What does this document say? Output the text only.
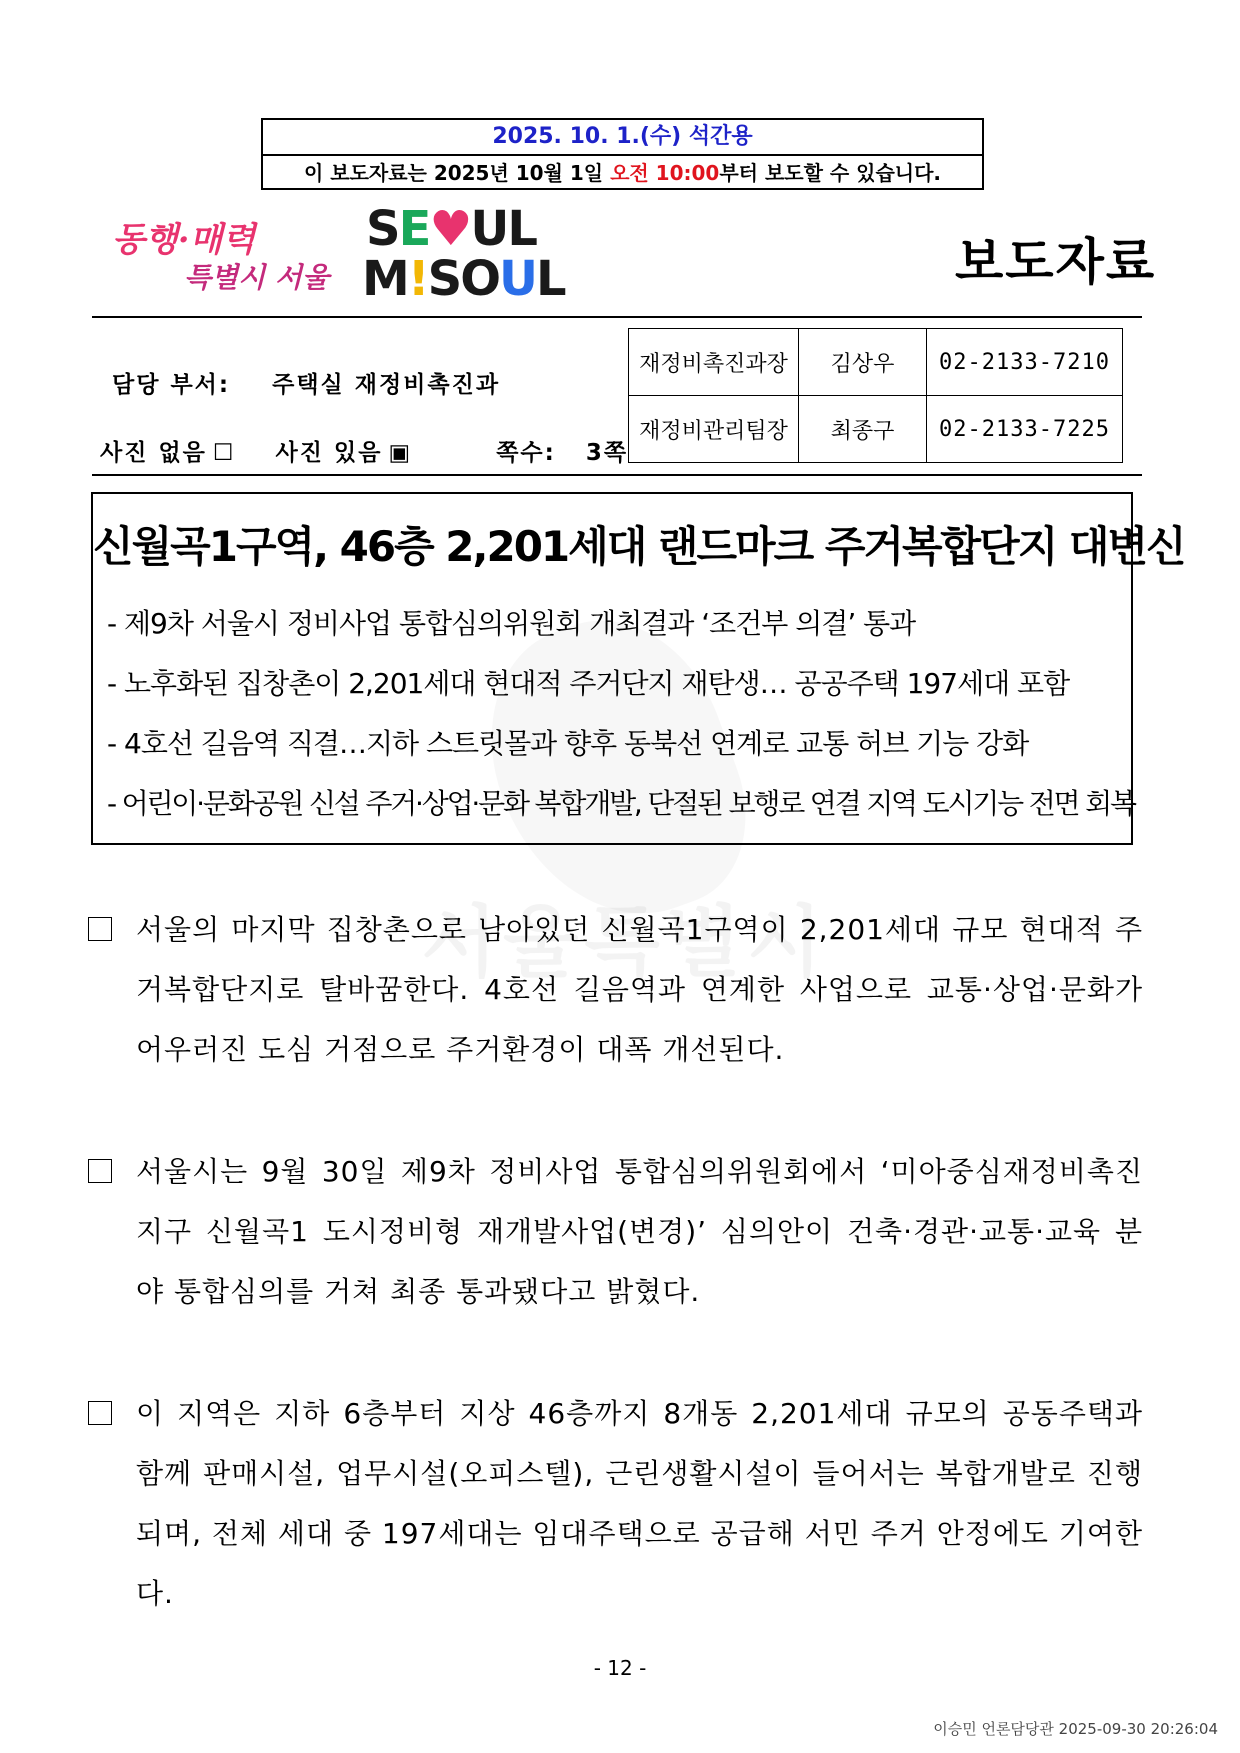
2025. 10. 1.(수) 석간용
이 보도자료는 2025년 10월 1일 오전 10:00부터 보도할 수 있습니다.
동행·매력
특별시 서울
SE♥UL
M!SOUL	보도자료
담당 부서: 주택실 재정비촉진과
사진 없음 ☐ 사진 있음 ▣	쪽수: 3쪽
재정비촉진과장	김상우	02-2133-7210
재정비관리팀장	최종구	02-2133-7225
신월곡1구역, 46층 2,201세대 랜드마크 주거복합단지 대변신
- 제9차 서울시 정비사업 통합심의위원회 개최결과 ‘조건부 의결’ 통과
- 노후화된 집창촌이 2,201세대 현대적 주거단지 재탄생… 공공주택 197세대 포함
- 4호선 길음역 직결…지하 스트릿몰과 향후 동북선 연계로 교통 허브 기능 강화
- 어린이·문화공원 신설 주거·상업·문화 복합개발, 단절된 보행로 연결 지역 도시기능 전면 회복
서울의 마지막 집창촌으로 남아있던 신월곡1구역이 2,201세대 규모 현대적 주거복합단지로 탈바꿈한다. 4호선 길음역과 연계한 사업으로 교통·상업·문화가 어우러진 도심 거점으로 주거환경이 대폭 개선된다.
서울시는 9월 30일 제9차 정비사업 통합심의위원회에서 ‘미아중심재정비촉진지구 신월곡1 도시정비형 재개발사업(변경)’ 심의안이 건축·경관·교통·교육 분야 통합심의를 거쳐 최종 통과됐다고 밝혔다.
이 지역은 지하 6층부터 지상 46층까지 8개동 2,201세대 규모의 공동주택과 함께 판매시설, 업무시설(오피스텔), 근린생활시설이 들어서는 복합개발로 진행되며, 전체 세대 중 197세대는 임대주택으로 공급해 서민 주거 안정에도 기여한다.
- 12 -
이승민 언론담당관 2025-09-30 20:26:04
